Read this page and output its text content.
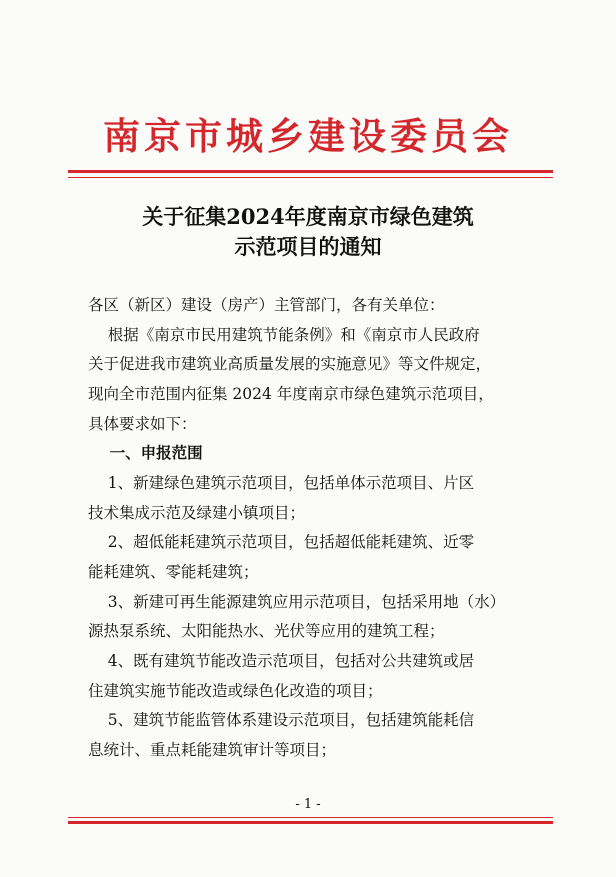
南京市城乡建设委员会
关于征集2024年度南京市绿色建筑
示范项目的通知
各区（新区）建设（房产）主管部门，各有关单位：
根据《南京市民用建筑节能条例》和《南京市人民政府
关于促进我市建筑业高质量发展的实施意见》等文件规定，
现向全市范围内征集 2024 年度南京市绿色建筑示范项目，
具体要求如下：
一、申报范围
1、新建绿色建筑示范项目，包括单体示范项目、片区
技术集成示范及绿建小镇项目；
2、超低能耗建筑示范项目，包括超低能耗建筑、近零
能耗建筑、零能耗建筑；
3、新建可再生能源建筑应用示范项目，包括采用地（水）
源热泵系统、太阳能热水、光伏等应用的建筑工程；
4、既有建筑节能改造示范项目，包括对公共建筑或居
住建筑实施节能改造或绿色化改造的项目；
5、建筑节能监管体系建设示范项目，包括建筑能耗信
息统计、重点耗能建筑审计等项目；
- 1 -
